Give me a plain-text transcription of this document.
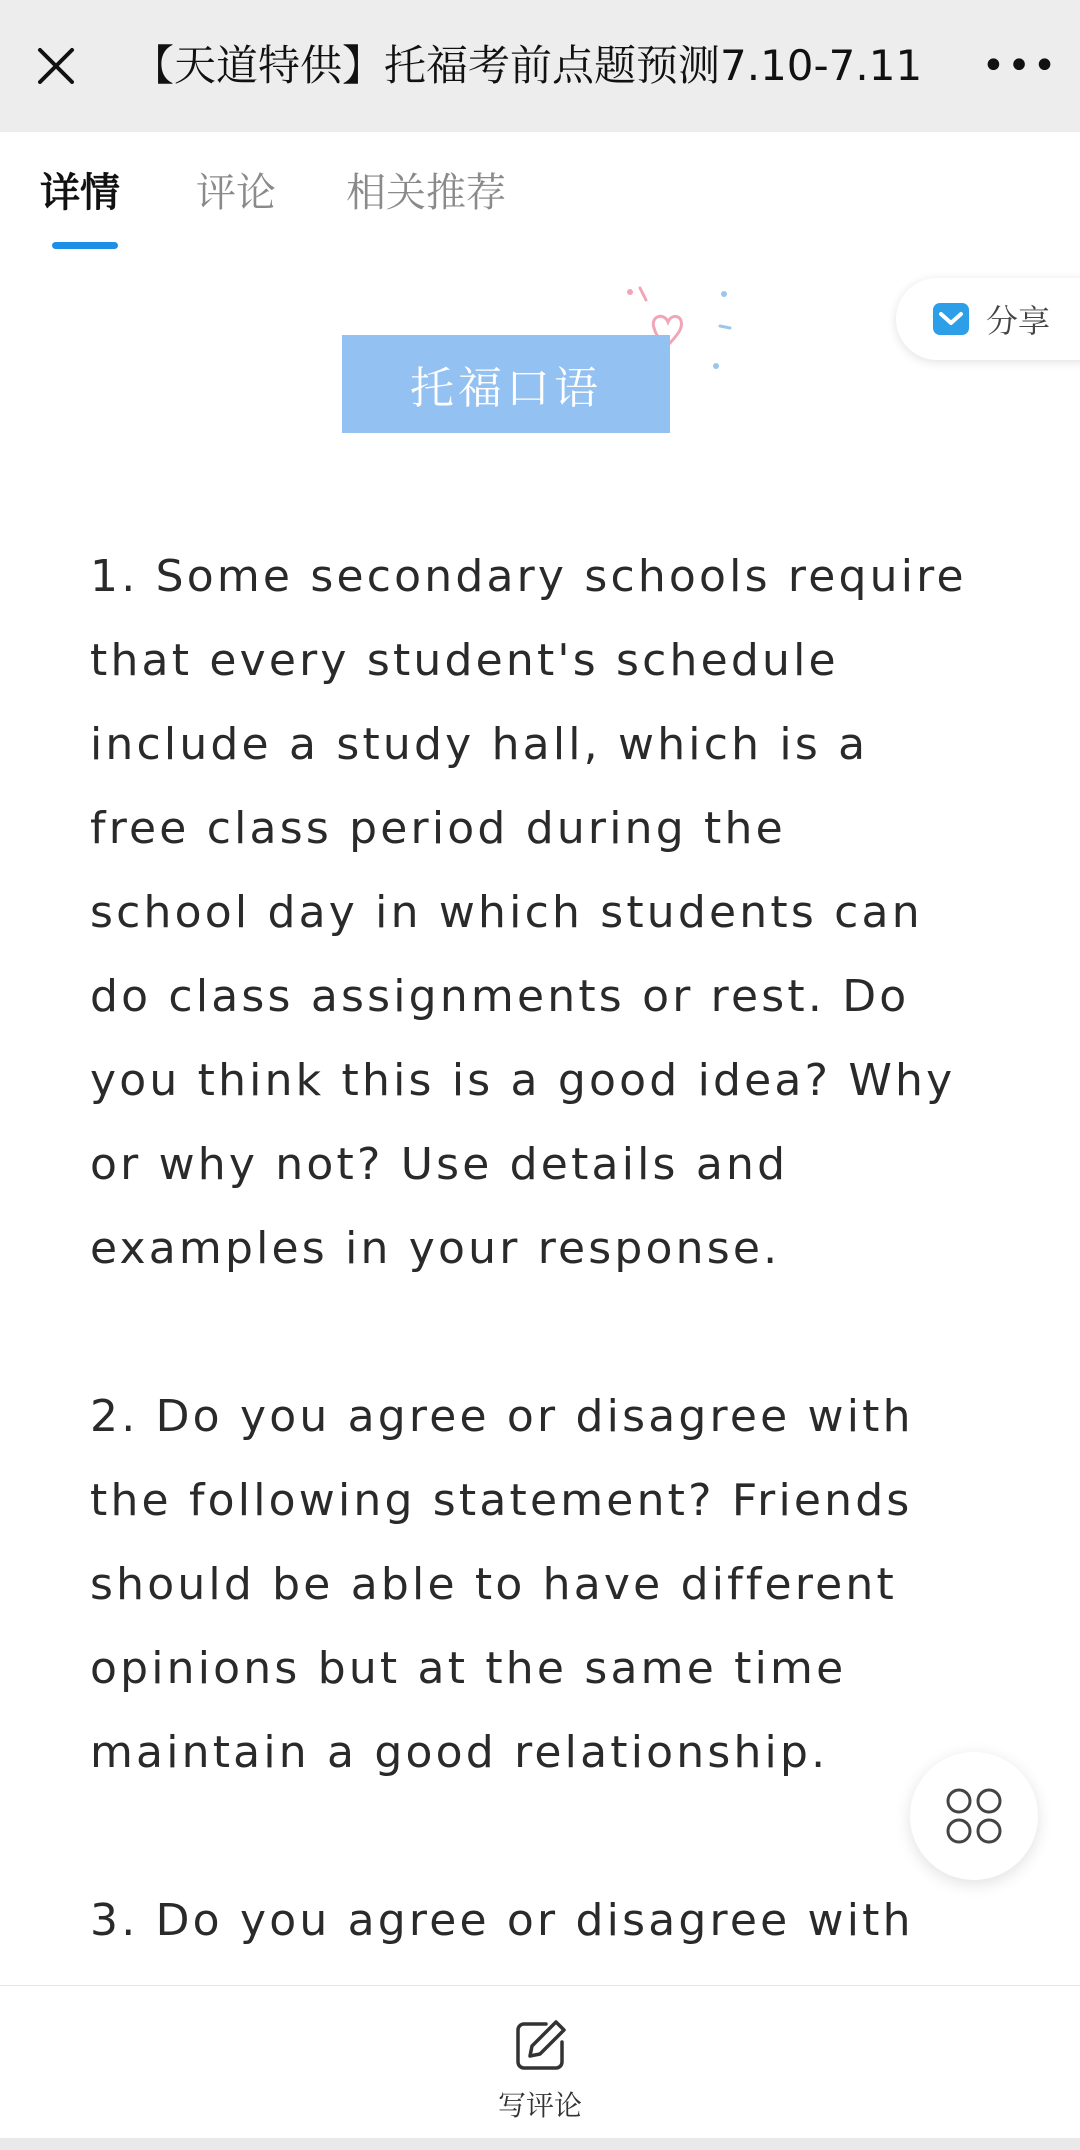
【天道特供】托福考前点题预测7.10-7.11	•••
详情 评论 相关推荐
分享
托福口语
1. Some secondary schools require
that every student's schedule
include a study hall, which is a
free class period during the
school day in which students can
do class assignments or rest. Do
you think this is a good idea? Why
or why not? Use details and
examples in your response.
2. Do you agree or disagree with
the following statement? Friends
should be able to have different
opinions but at the same time
maintain a good relationship.
3. Do you agree or disagree with

写评论
